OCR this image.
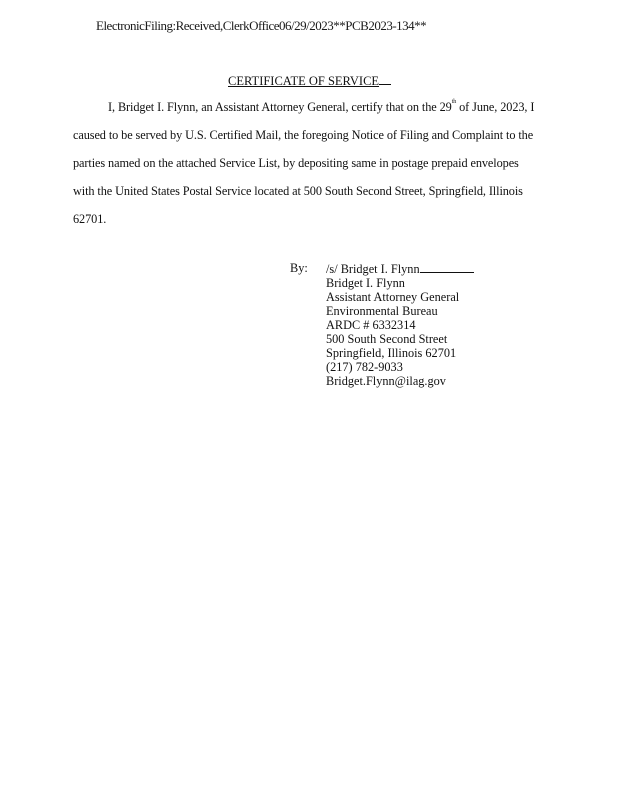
ElectronicFiling:Received,ClerkOffice06/29/2023**PCB2023-134**
CERTIFICATE OF SERVICE
I, Bridget I. Flynn, an Assistant Attorney General, certify that on the 29th of June, 2023, I
caused to be served by U.S. Certified Mail, the foregoing Notice of Filing and Complaint to the
parties named on the attached Service List, by depositing same in postage prepaid envelopes
with the United States Postal Service located at 500 South Second Street, Springfield, Illinois
62701.
By: /s/ Bridget I. Flynn
Bridget I. Flynn
Assistant Attorney General
Environmental Bureau
ARDC # 6332314
500 South Second Street
Springfield, Illinois 62701
(217) 782-9033
Bridget.Flynn@ilag.gov
